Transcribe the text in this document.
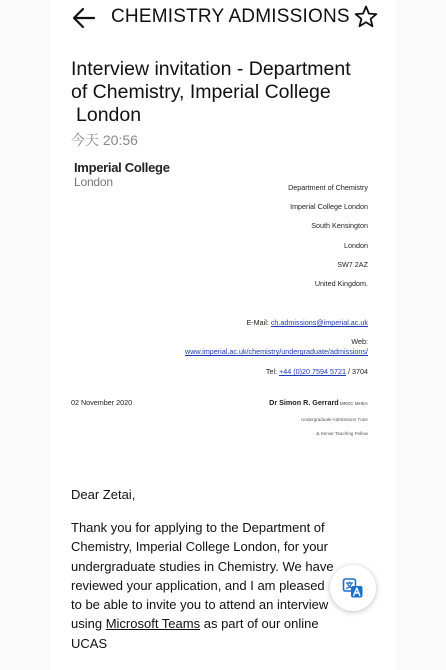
CHEMISTRY ADMISSIONS
Interview invitation - Department
of Chemistry, Imperial College
London
今天 20:56
Imperial College
London	Department of Chemistry
Imperial College London
South Kensington
London
SW7 2AZ
United Kingdom.
E-Mail: ch.admissions@imperial.ac.uk
Web:
www.imperial.ac.uk/chemistry/undergraduate/admissions/
Tel: +44 (0)20 7594 5721 / 3704
02 November 2020	Dr Simon R. Gerrard MRSC MHEA
Undergraduate Admissions Tutor
& Senior Teaching Fellow
Dear Zetai,
Thank you for applying to the Department of Chemistry, Imperial College London, for your undergraduate studies in Chemistry. We have reviewed your application, and I am pleased to be able to invite you to attend an interview using Microsoft Teams as part of our online UCAS
